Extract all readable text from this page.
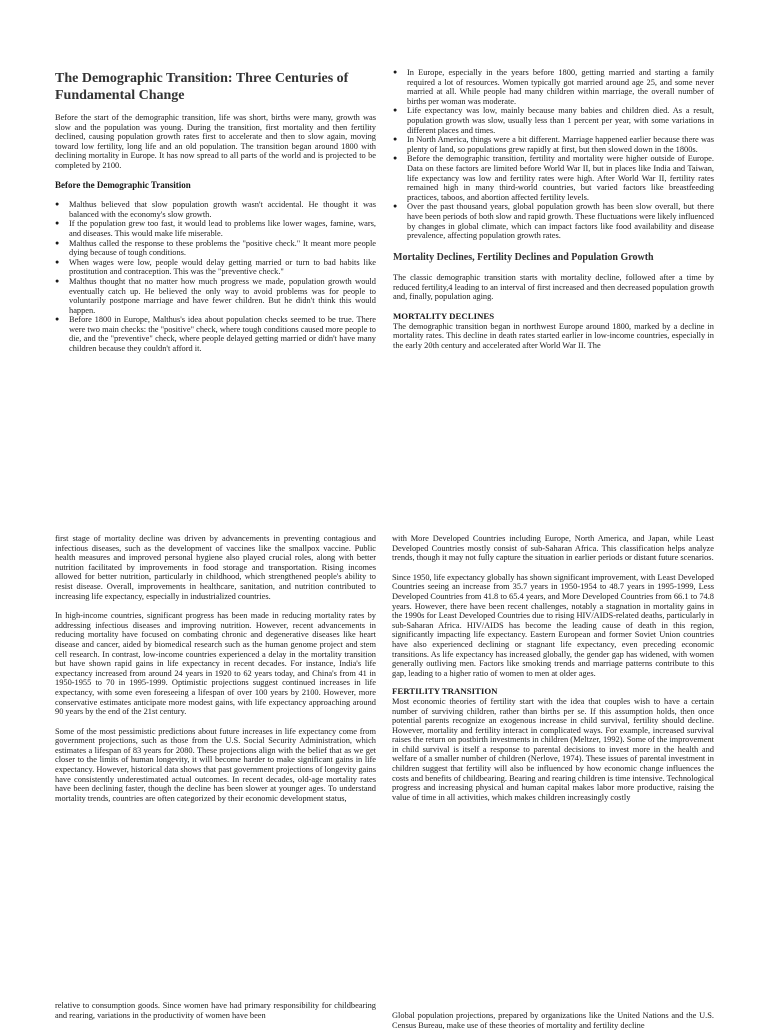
The Demographic Transition: Three Centuries of Fundamental Change

Before the start of the demographic transition, life was short, births were many, growth was slow and the population was young. During the transition, first mortality and then fertility declined, causing population growth rates first to accelerate and then to slow again, moving toward low fertility, long life and an old population. The transition began around 1800 with declining mortality in Europe. It has now spread to all parts of the world and is projected to be completed by 2100.

Before the Demographic Transition

● Malthus believed that slow population growth wasn't accidental. He thought it was balanced with the economy's slow growth.
● If the population grew too fast, it would lead to problems like lower wages, famine, wars, and diseases. This would make life miserable.
● Malthus called the response to these problems the "positive check." It meant more people dying because of tough conditions.
● When wages were low, people would delay getting married or turn to bad habits like prostitution and contraception. This was the "preventive check."
● Malthus thought that no matter how much progress we made, population growth would eventually catch up. He believed the only way to avoid problems was for people to voluntarily postpone marriage and have fewer children. But he didn't think this would happen.
● Before 1800 in Europe, Malthus's idea about population checks seemed to be true. There were two main checks: the "positive" check, where tough conditions caused more people to die, and the "preventive" check, where people delayed getting married or didn't have many children because they couldn't afford it.
● In Europe, especially in the years before 1800, getting married and starting a family required a lot of resources. Women typically got married around age 25, and some never married at all. While people had many children within marriage, the overall number of births per woman was moderate.
● Life expectancy was low, mainly because many babies and children died. As a result, population growth was slow, usually less than 1 percent per year, with some variations in different places and times.
● In North America, things were a bit different. Marriage happened earlier because there was plenty of land, so populations grew rapidly at first, but then slowed down in the 1800s.
● Before the demographic transition, fertility and mortality were higher outside of Europe. Data on these factors are limited before World War II, but in places like India and Taiwan, life expectancy was low and fertility rates were high. After World War II, fertility rates remained high in many third-world countries, but varied factors like breastfeeding practices, taboos, and abortion affected fertility levels.
● Over the past thousand years, global population growth has been slow overall, but there have been periods of both slow and rapid growth. These fluctuations were likely influenced by changes in global climate, which can impact factors like food availability and disease prevalence, affecting population growth rates.

Mortality Declines, Fertility Declines and Population Growth

The classic demographic transition starts with mortality decline, followed after a time by reduced fertility,4 leading to an interval of first increased and then decreased population growth and, finally, population aging.

MORTALITY DECLINES

The demographic transition began in northwest Europe around 1800, marked by a decline in mortality rates. This decline in death rates started earlier in low-income countries, especially in the early 20th century and accelerated after World War II. The

first stage of mortality decline was driven by advancements in preventing contagious and infectious diseases, such as the development of vaccines like the smallpox vaccine. Public health measures and improved personal hygiene also played crucial roles, along with better nutrition facilitated by improvements in food storage and transportation. Rising incomes allowed for better nutrition, particularly in childhood, which strengthened people's ability to resist disease. Overall, improvements in healthcare, sanitation, and nutrition contributed to increasing life expectancy, especially in industrialized countries.

In high-income countries, significant progress has been made in reducing mortality rates by addressing infectious diseases and improving nutrition. However, recent advancements in reducing mortality have focused on combating chronic and degenerative diseases like heart disease and cancer, aided by biomedical research such as the human genome project and stem cell research. In contrast, low-income countries experienced a delay in the mortality transition but have shown rapid gains in life expectancy in recent decades. For instance, India's life expectancy increased from around 24 years in 1920 to 62 years today, and China's from 41 in 1950-1955 to 70 in 1995-1999. Optimistic projections suggest continued increases in life expectancy, with some even foreseeing a lifespan of over 100 years by 2100. However, more conservative estimates anticipate more modest gains, with life expectancy approaching around 90 years by the end of the 21st century.

Some of the most pessimistic predictions about future increases in life expectancy come from government projections, such as those from the U.S. Social Security Administration, which estimates a lifespan of 83 years for 2080. These projections align with the belief that as we get closer to the limits of human longevity, it will become harder to make significant gains in life expectancy. However, historical data shows that past government projections of longevity gains have consistently underestimated actual outcomes. In recent decades, old-age mortality rates have been declining faster, though the decline has been slower at younger ages. To understand mortality trends, countries are often categorized by their economic development status,

with More Developed Countries including Europe, North America, and Japan, while Least Developed Countries mostly consist of sub-Saharan Africa. This classification helps analyze trends, though it may not fully capture the situation in earlier periods or distant future scenarios.

Since 1950, life expectancy globally has shown significant improvement, with Least Developed Countries seeing an increase from 35.7 years in 1950-1954 to 48.7 years in 1995-1999, Less Developed Countries from 41.8 to 65.4 years, and More Developed Countries from 66.1 to 74.8 years. However, there have been recent challenges, notably a stagnation in mortality gains in the 1990s for Least Developed Countries due to rising HIV/AIDS-related deaths, particularly in sub-Saharan Africa. HIV/AIDS has become the leading cause of death in this region, significantly impacting life expectancy. Eastern European and former Soviet Union countries have also experienced declining or stagnant life expectancy, even preceding economic transitions. As life expectancy has increased globally, the gender gap has widened, with women generally outliving men. Factors like smoking trends and marriage patterns contribute to this gap, leading to a higher ratio of women to men at older ages.

FERTILITY TRANSITION

Most economic theories of fertility start with the idea that couples wish to have a certain number of surviving children, rather than births per se. If this assumption holds, then once potential parents recognize an exogenous increase in child survival, fertility should decline. However, mortality and fertility interact in complicated ways. For example, increased survival raises the return on postbirth investments in children (Meltzer, 1992). Some of the improvement in child survival is itself a response to parental decisions to invest more in the health and welfare of a smaller number of children (Nerlove, 1974). These issues of parental investment in children suggest that fertility will also be influenced by how economic change influences the costs and benefits of childbearing. Bearing and rearing children is time intensive. Technological progress and increasing physical and human capital makes labor more productive, raising the value of time in all activities, which makes children increasingly costly

relative to consumption goods. Since women have had primary responsibility for childbearing and rearing, variations in the productivity of women have been	Global population projections, prepared by organizations like the United Nations and the U.S. Census Bureau, make use of these theories of mortality and fertility decline
